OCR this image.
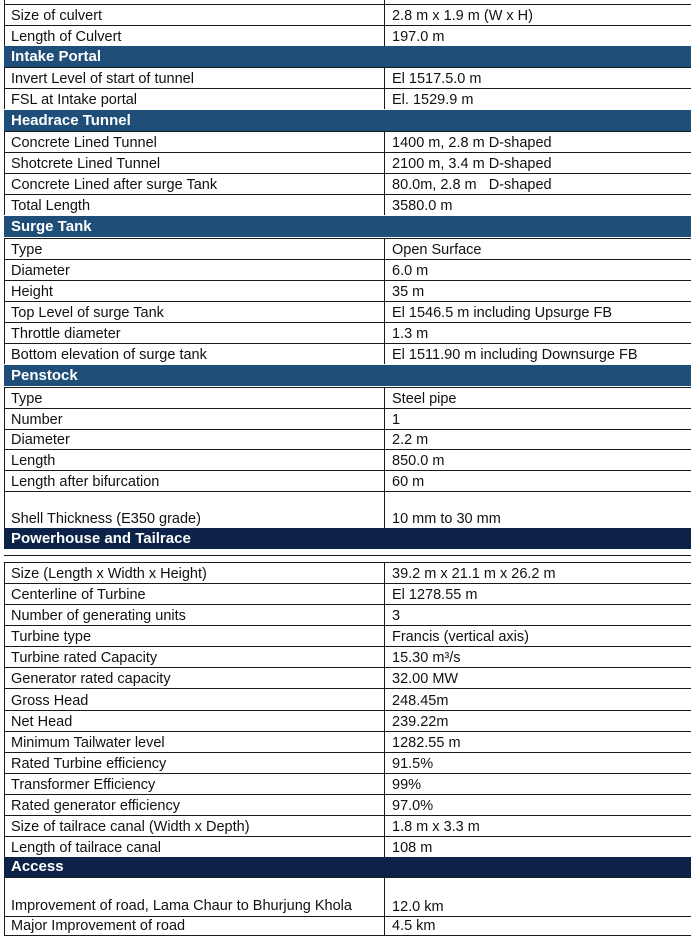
Size of culvert	2.8 m x 1.9 m (W x H)
Length of Culvert	197.0 m
Intake Portal
Invert Level of start of tunnel	El 1517.5.0 m
FSL at Intake portal	El. 1529.9 m
Headrace Tunnel
Concrete Lined Tunnel	1400 m, 2.8 m D-shaped
Shotcrete Lined Tunnel	2100 m, 3.4 m D-shaped
Concrete Lined after surge Tank	80.0m, 2.8 m   D-shaped
Total Length	3580.0 m
Surge Tank
Type	Open Surface
Diameter	6.0 m
Height	35 m
Top Level of surge Tank	El 1546.5 m including Upsurge FB
Throttle diameter	1.3 m
Bottom elevation of surge tank	El 1511.90 m including Downsurge FB
Penstock
Type	Steel pipe
Number	1
Diameter	2.2 m
Length	850.0 m
Length after bifurcation	60 m
Shell Thickness (E350 grade)	10 mm to 30 mm
Powerhouse and Tailrace
Size (Length x Width x Height)	39.2 m x 21.1 m x 26.2 m
Centerline of Turbine	El 1278.55 m
Number of generating units	3
Turbine type	Francis (vertical axis)
Turbine rated Capacity	15.30 m³/s
Generator rated capacity	32.00 MW
Gross Head	248.45m
Net Head	239.22m
Minimum Tailwater level	1282.55 m
Rated Turbine efficiency	91.5%
Transformer Efficiency	99%
Rated generator efficiency	97.0%
Size of tailrace canal (Width x Depth)	1.8 m x 3.3 m
Length of tailrace canal	108 m
Access
Improvement of road, Lama Chaur to Bhurjung Khola	12.0 km
Major Improvement of road	4.5 km
